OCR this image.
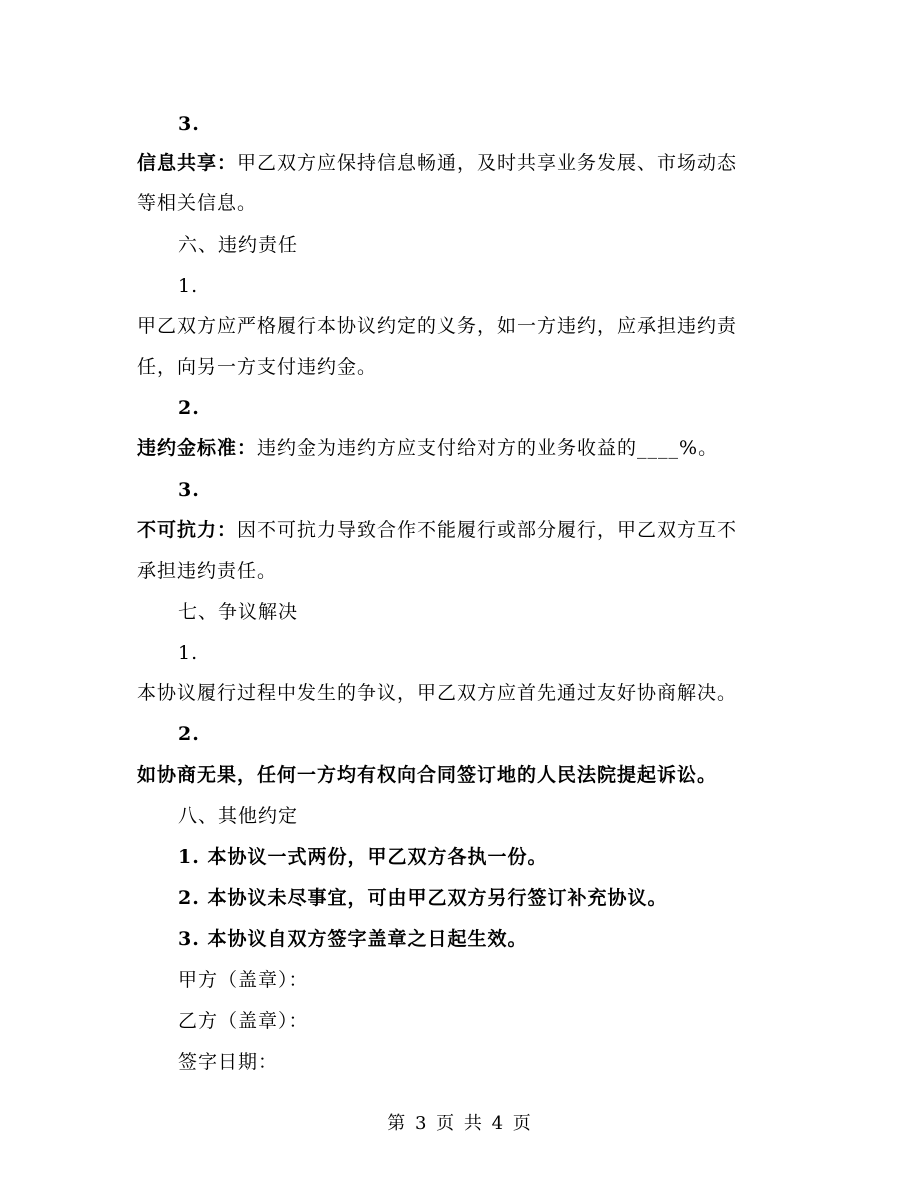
3.
信息共享：甲乙双方应保持信息畅通，及时共享业务发展、市场动态
等相关信息。
六、违约责任
1.
甲乙双方应严格履行本协议约定的义务，如一方违约，应承担违约责
任，向另一方支付违约金。
2.
违约金标准：违约金为违约方应支付给对方的业务收益的____%。
3.
不可抗力：因不可抗力导致合作不能履行或部分履行，甲乙双方互不
承担违约责任。
七、争议解决
1.
本协议履行过程中发生的争议，甲乙双方应首先通过友好协商解决。
2.
如协商无果，任何一方均有权向合同签订地的人民法院提起诉讼。
八、其他约定
1. 本协议一式两份，甲乙双方各执一份。
2. 本协议未尽事宜，可由甲乙双方另行签订补充协议。
3. 本协议自双方签字盖章之日起生效。
甲方（盖章）：
乙方（盖章）：
签字日期：
第 3 页 共 4 页
